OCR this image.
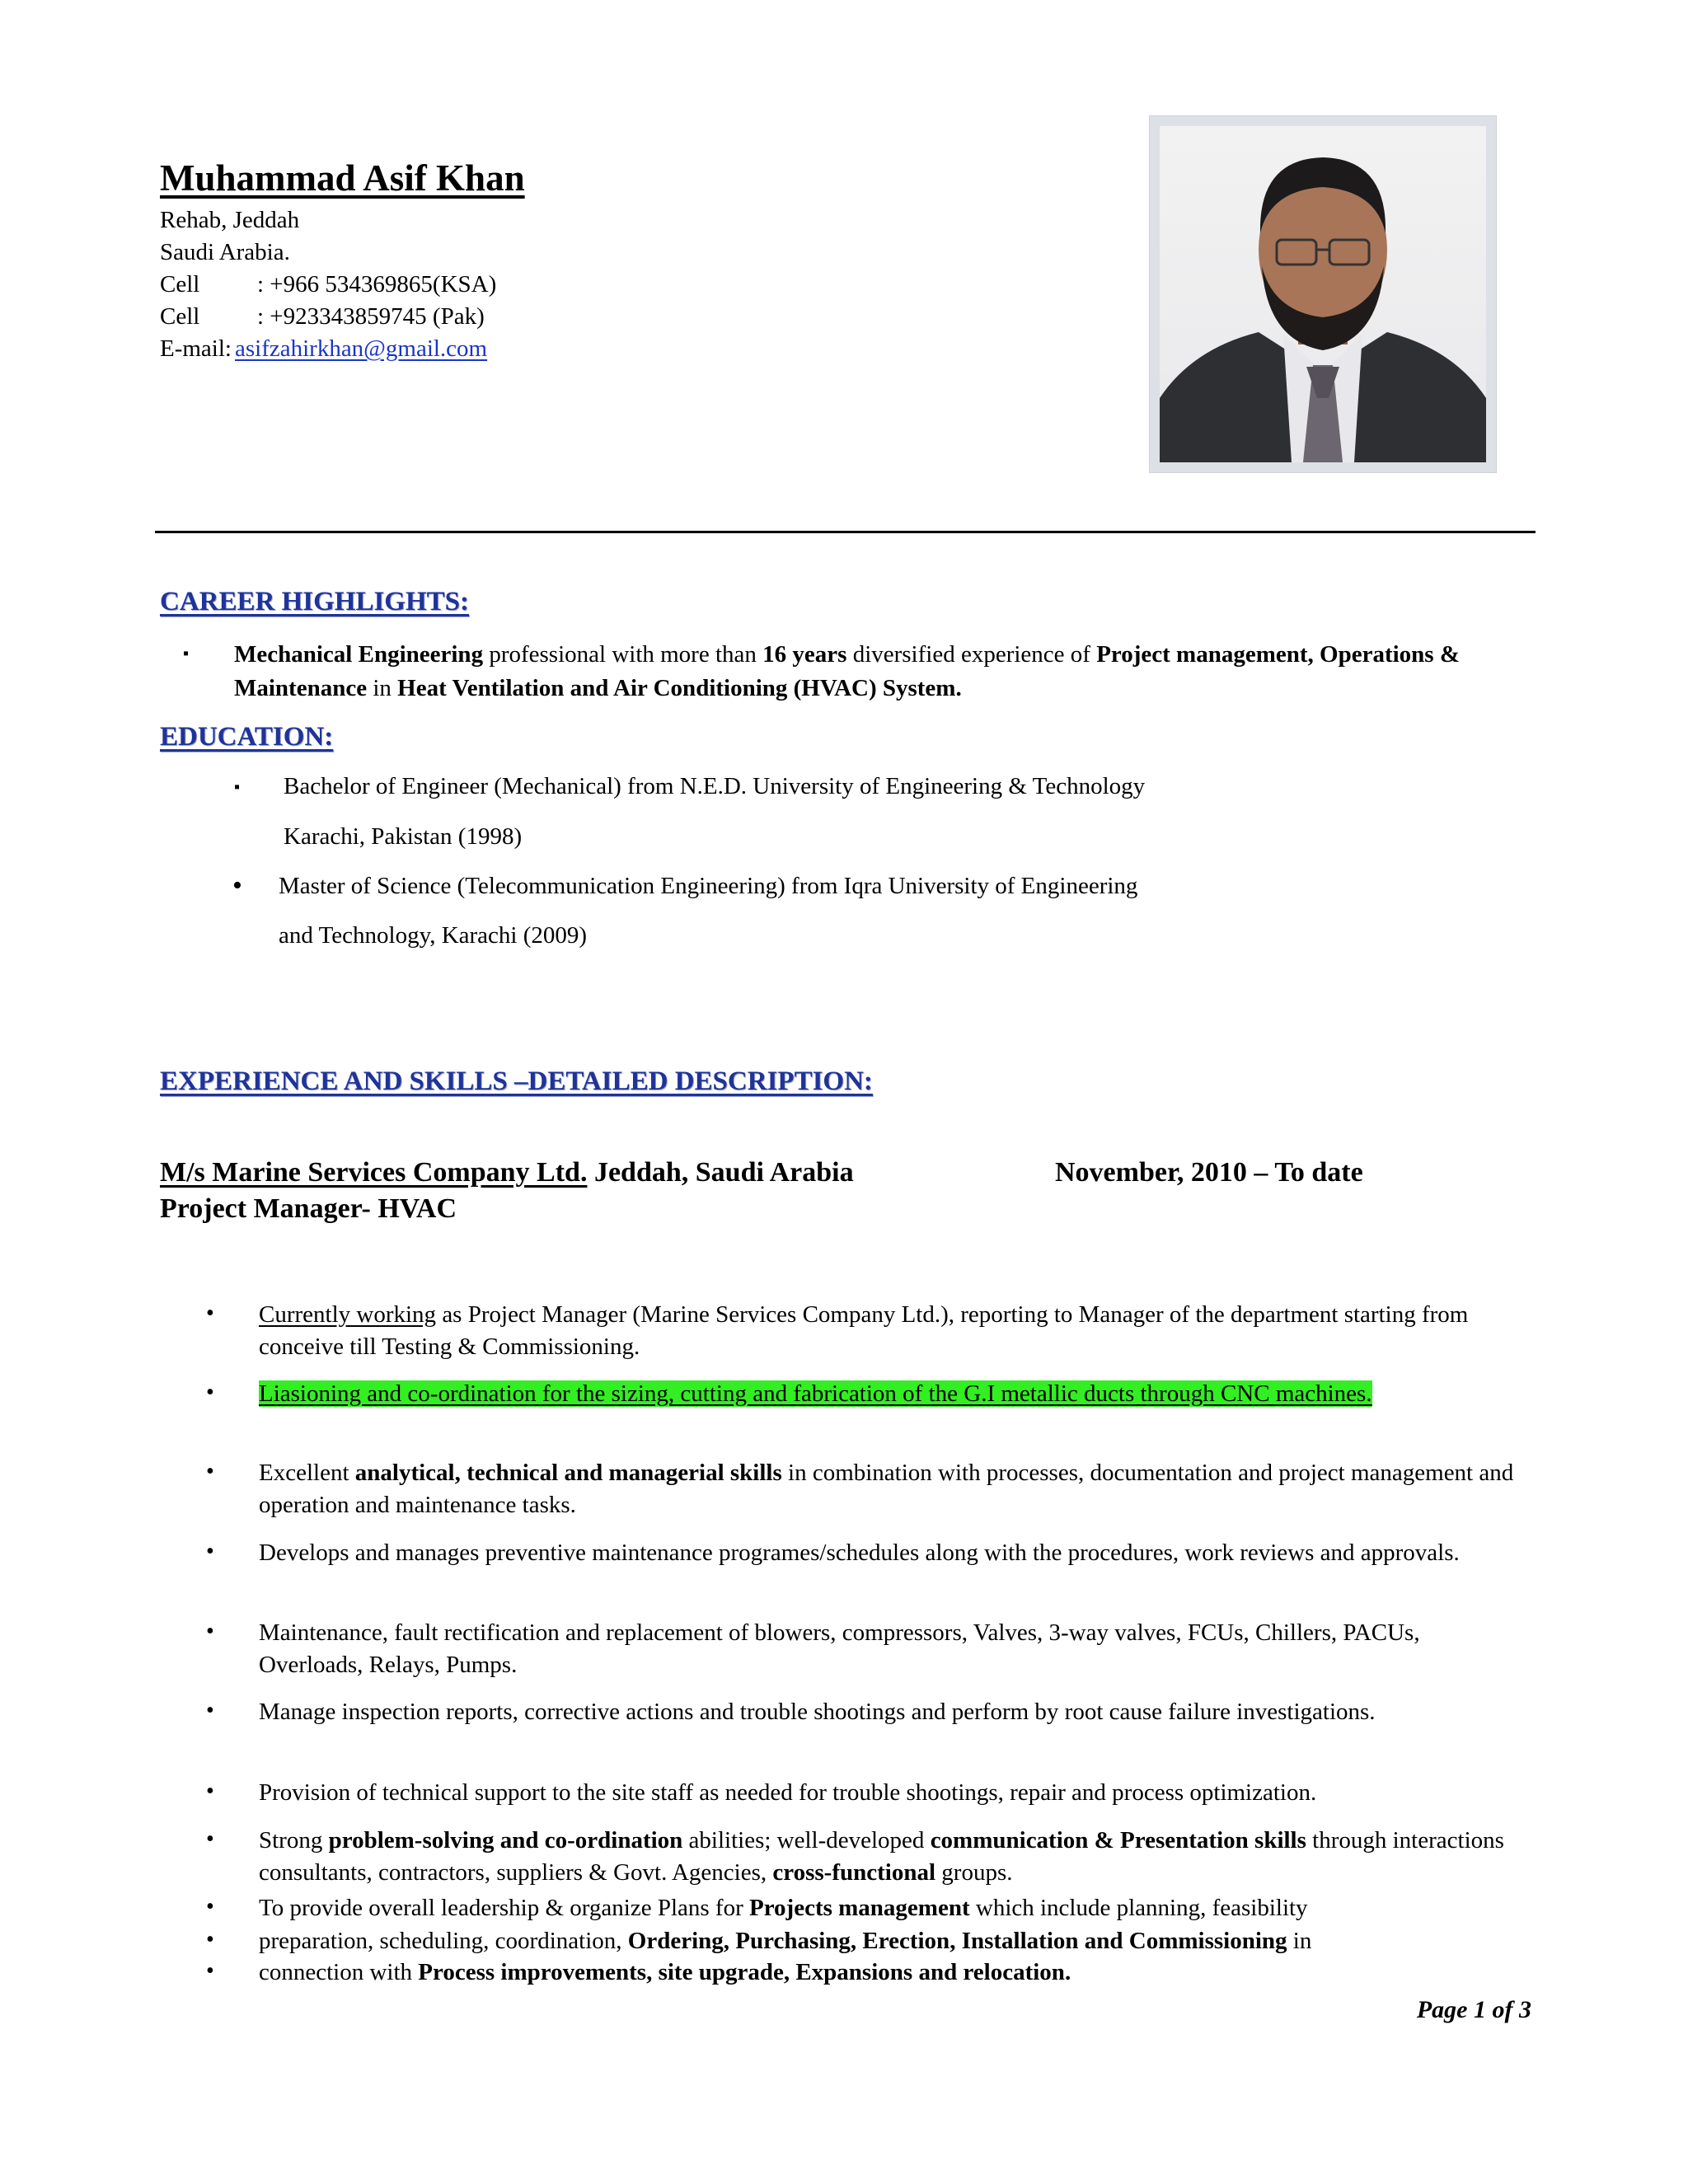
Muhammad Asif Khan
Rehab, Jeddah
Saudi Arabia.
Cell : +966 534369865(KSA)
Cell : +923343859745 (Pak)
E-mail: asifzahirkhan@gmail.com
CAREER HIGHLIGHTS:
▪ Mechanical Engineering professional with more than 16 years diversified experience of Project management, Operations & Maintenance in Heat Ventilation and Air Conditioning (HVAC) System.
EDUCATION:
▪ Bachelor of Engineer (Mechanical) from N.E.D. University of Engineering & Technology
Karachi, Pakistan (1998)
• Master of Science (Telecommunication Engineering) from Iqra University of Engineering
and Technology, Karachi (2009)
EXPERIENCE AND SKILLS –DETAILED DESCRIPTION:
M/s Marine Services Company Ltd. Jeddah, Saudi Arabia	November, 2010 – To date
Project Manager- HVAC
• Currently working as Project Manager (Marine Services Company Ltd.), reporting to Manager of the department starting from conceive till Testing & Commissioning.
• Liasioning and co-ordination for the sizing, cutting and fabrication of the G.I metallic ducts through CNC machines.
• Excellent analytical, technical and managerial skills in combination with processes, documentation and project management and operation and maintenance tasks.
• Develops and manages preventive maintenance programes/schedules along with the procedures, work reviews and approvals.
• Maintenance, fault rectification and replacement of blowers, compressors, Valves, 3-way valves, FCUs, Chillers, PACUs, Overloads, Relays, Pumps.
• Manage inspection reports, corrective actions and trouble shootings and perform by root cause failure investigations.
• Provision of technical support to the site staff as needed for trouble shootings, repair and process optimization.
• Strong problem-solving and co-ordination abilities; well-developed communication & Presentation skills through interactions consultants, contractors, suppliers & Govt. Agencies, cross-functional groups.
• To provide overall leadership & organize Plans for Projects management which include planning, feasibility
• preparation, scheduling, coordination, Ordering, Purchasing, Erection, Installation and Commissioning in
• connection with Process improvements, site upgrade, Expansions and relocation.
Page 1 of 3
